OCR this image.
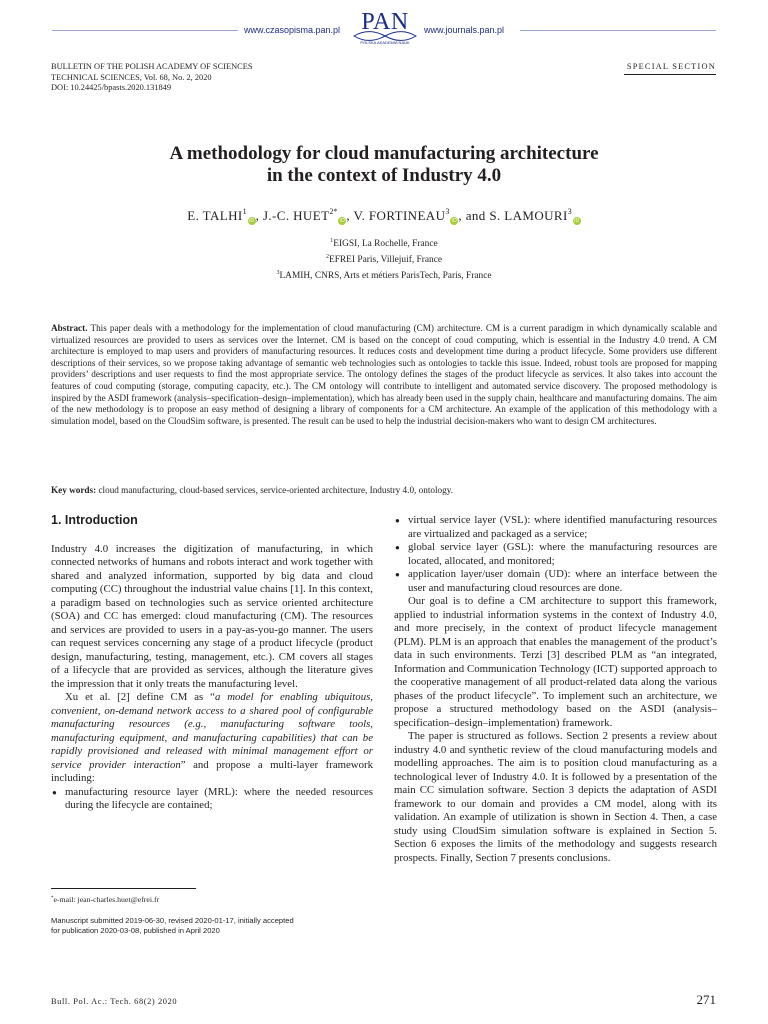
www.czasopisma.pan.pl PAN
POLSKA AKADEMIA NAUK
www.journals.pan.pl
BULLETIN OF THE POLISH ACADEMY OF SCIENCES
TECHNICAL SCIENCES, Vol. 68, No. 2, 2020
DOI: 10.24425/bpasts.2020.131849
SPECIAL SECTION
A methodology for cloud manufacturing architecture
in the context of Industry 4.0
E. TALHI$^1$iD, J.-C. $HUET^{2*}iD$, V. FORTINEAU$^3$iD, and S. LAMOURI$^3$iD
$^1$EIGSI, La Rochelle, France
$^2$EFREI Paris, Villejuif, France
$^3$LAMIH, CNRS, Arts et métiers ParisTech, Paris, France
Abstract. This paper deals with a methodology for the implementation of cloud manufacturing (CM) architecture. CM is a current paradigm in which dynamically scalable and virtualized resources are provided to users as services over the Internet. CM is based on the concept of coud computing, which is essential in the Industry 4.0 trend. A CM architecture is employed to map users and providers of manufacturing resources. It reduces costs and development time during a product lifecycle. Some providers use different descriptions of their services, so we propose taking advantage of semantic web technologies such as ontologies to tackle this issue. Indeed, robust tools are proposed for mapping providers’ descriptions and user requests to find the most appropriate service. The ontology defines the stages of the product lifecycle as services. It also takes into account the features of coud computing (storage, computing capacity, etc.). The CM ontology will contribute to intelligent and automated service discovery. The proposed methodology is inspired by the ASDI framework (analysis–specification–design–implementation), which has already been used in the supply chain, healthcare and manufacturing domains. The aim of the new methodology is to propose an easy method of designing a library of components for a CM architecture. An example of the application of this methodology with a simulation model, based on the CloudSim software, is presented. The result can be used to help the industrial decision-makers who want to design CM architectures.
Key words: cloud manufacturing, cloud-based services, service-oriented architecture, Industry 4.0, ontology.
1. Introduction

Industry 4.0 increases the digitization of manufacturing, in which connected networks of humans and robots interact and work together with shared and analyzed information, supported by big data and cloud computing (CC) throughout the industrial value chains [1]. In this context, a paradigm based on technologies such as service oriented architecture (SOA) and CC has emerged: cloud manufacturing (CM). The resources and services are provided to users in a pay-as-you-go manner. The users can request services concerning any stage of a product lifecycle (product design, manufacturing, testing, management, etc.). CM covers all stages of a lifecycle that are provided as services, although the literature gives the impression that it only treats the manufacturing level.

Xu et al. [2] define CM as “a model for enabling ubiquitous, convenient, on-demand network access to a shared pool of configurable manufacturing resources (e.g., manufacturing software tools, manufacturing equipment, and manufacturing capabilities) that can be rapidly provisioned and released with minimal management effort or service provider interaction” and propose a multi-layer framework including:

● manufacturing resource layer (MRL): where the needed resources during the lifecycle are contained;
● virtual service layer (VSL): where identified manufacturing resources are virtualized and packaged as a service;
● global service layer (GSL): where the manufacturing resources are located, allocated, and monitored;
● application layer/user domain (UD): where an interface between the user and manufacturing cloud resources are done.

Our goal is to define a CM architecture to support this framework, applied to industrial information systems in the context of Industry 4.0, and more precisely, in the context of product lifecycle management (PLM). PLM is an approach that enables the management of the product’s data in such environments. Terzi [3] described PLM as “an integrated, Information and Communication Technology (ICT) supported approach to the cooperative management of all product-related data along the various phases of the product lifecycle”. To implement such an architecture, we propose a structured methodology based on the ASDI (analysis–specification–design–implementation) framework.

The paper is structured as follows. Section 2 presents a review about industry 4.0 and synthetic review of the cloud manufacturing models and modelling approaches. The aim is to position cloud manufacturing as a technological lever of Industry 4.0. It is followed by a presentation of the main CC simulation software. Section 3 depicts the adaptation of ASDI framework to our domain and provides a CM model, along with its validation. An example of utilization is shown in Section 4. Then, a case study using CloudSim simulation software is explained in Section 5. Section 6 exposes the limits of the methodology and suggests research prospects. Finally, Section 7 presents conclusions.

*e-mail: jean-charles.huet@efrei.fr
Manuscript submitted 2019-06-30, revised 2020-01-17, initially accepted
for publication 2020-03-08, published in April 2020
Bull. Pol. Ac.: Tech. 68(2) 2020	271
